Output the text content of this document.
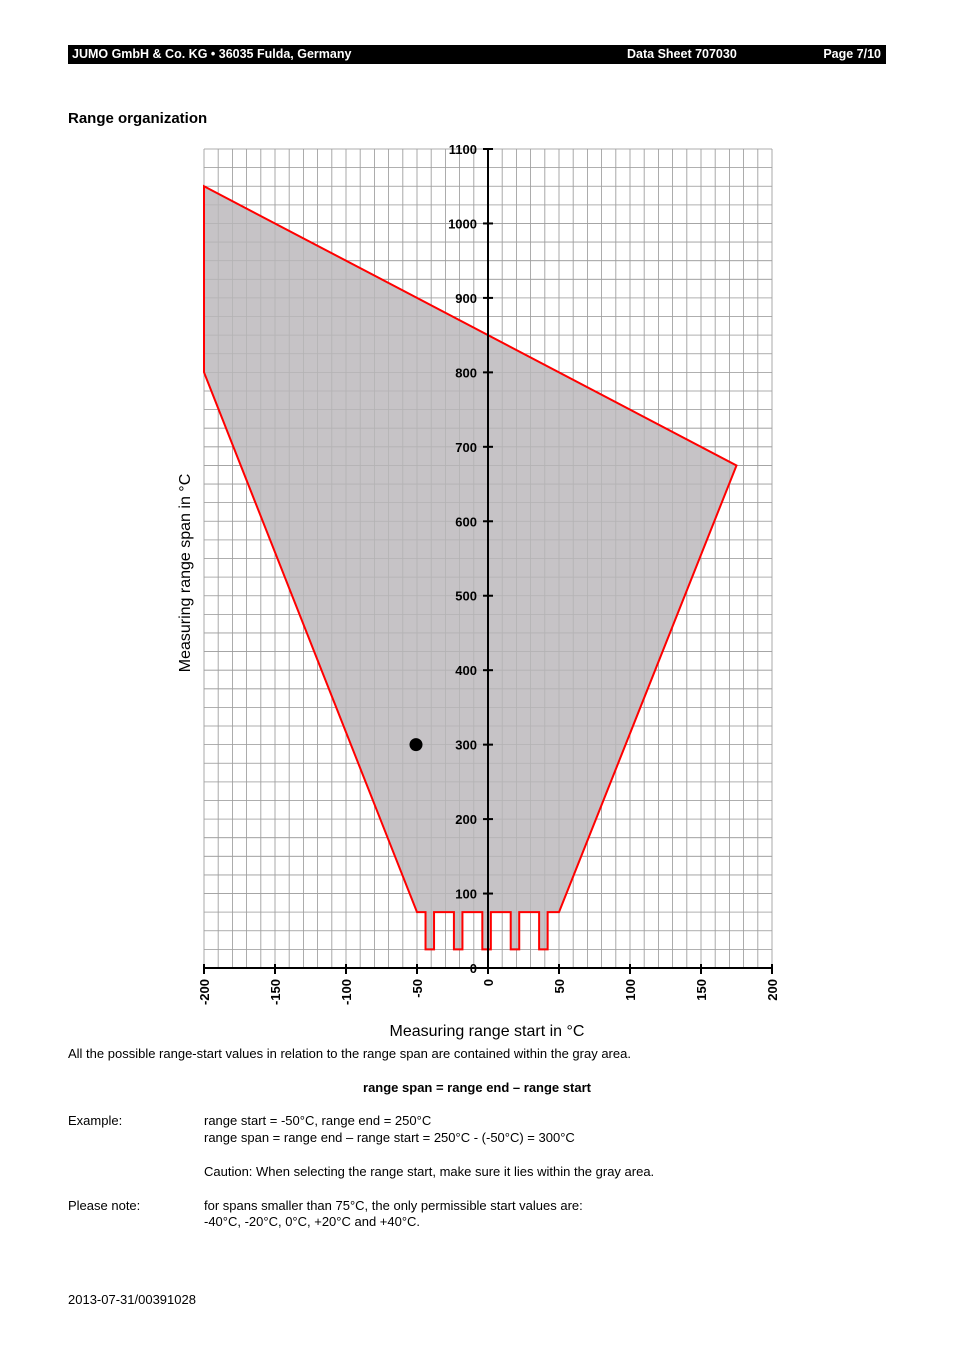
JUMO GmbH & Co. KG • 36035 Fulda, Germany	Data Sheet 707030	Page 7/10
Range organization
0
100
200
300
400
500
600
700
800
900
1000
1100
-200	-150	-100	-50	0	50	100	150	200
Measuring range start in °C
Measuring range span in °C
All the possible range-start values in relation to the range span are contained within the gray area.
range span = range end – range start
Example:	range start = -50°C, range end = 250°C
range span = range end – range start = 250°C - (-50°C) = 300°C
Caution: When selecting the range start, make sure it lies within the gray area.
Please note:	for spans smaller than 75°C, the only permissible start values are:
-40°C, -20°C, 0°C, +20°C and +40°C.
2013-07-31/00391028
